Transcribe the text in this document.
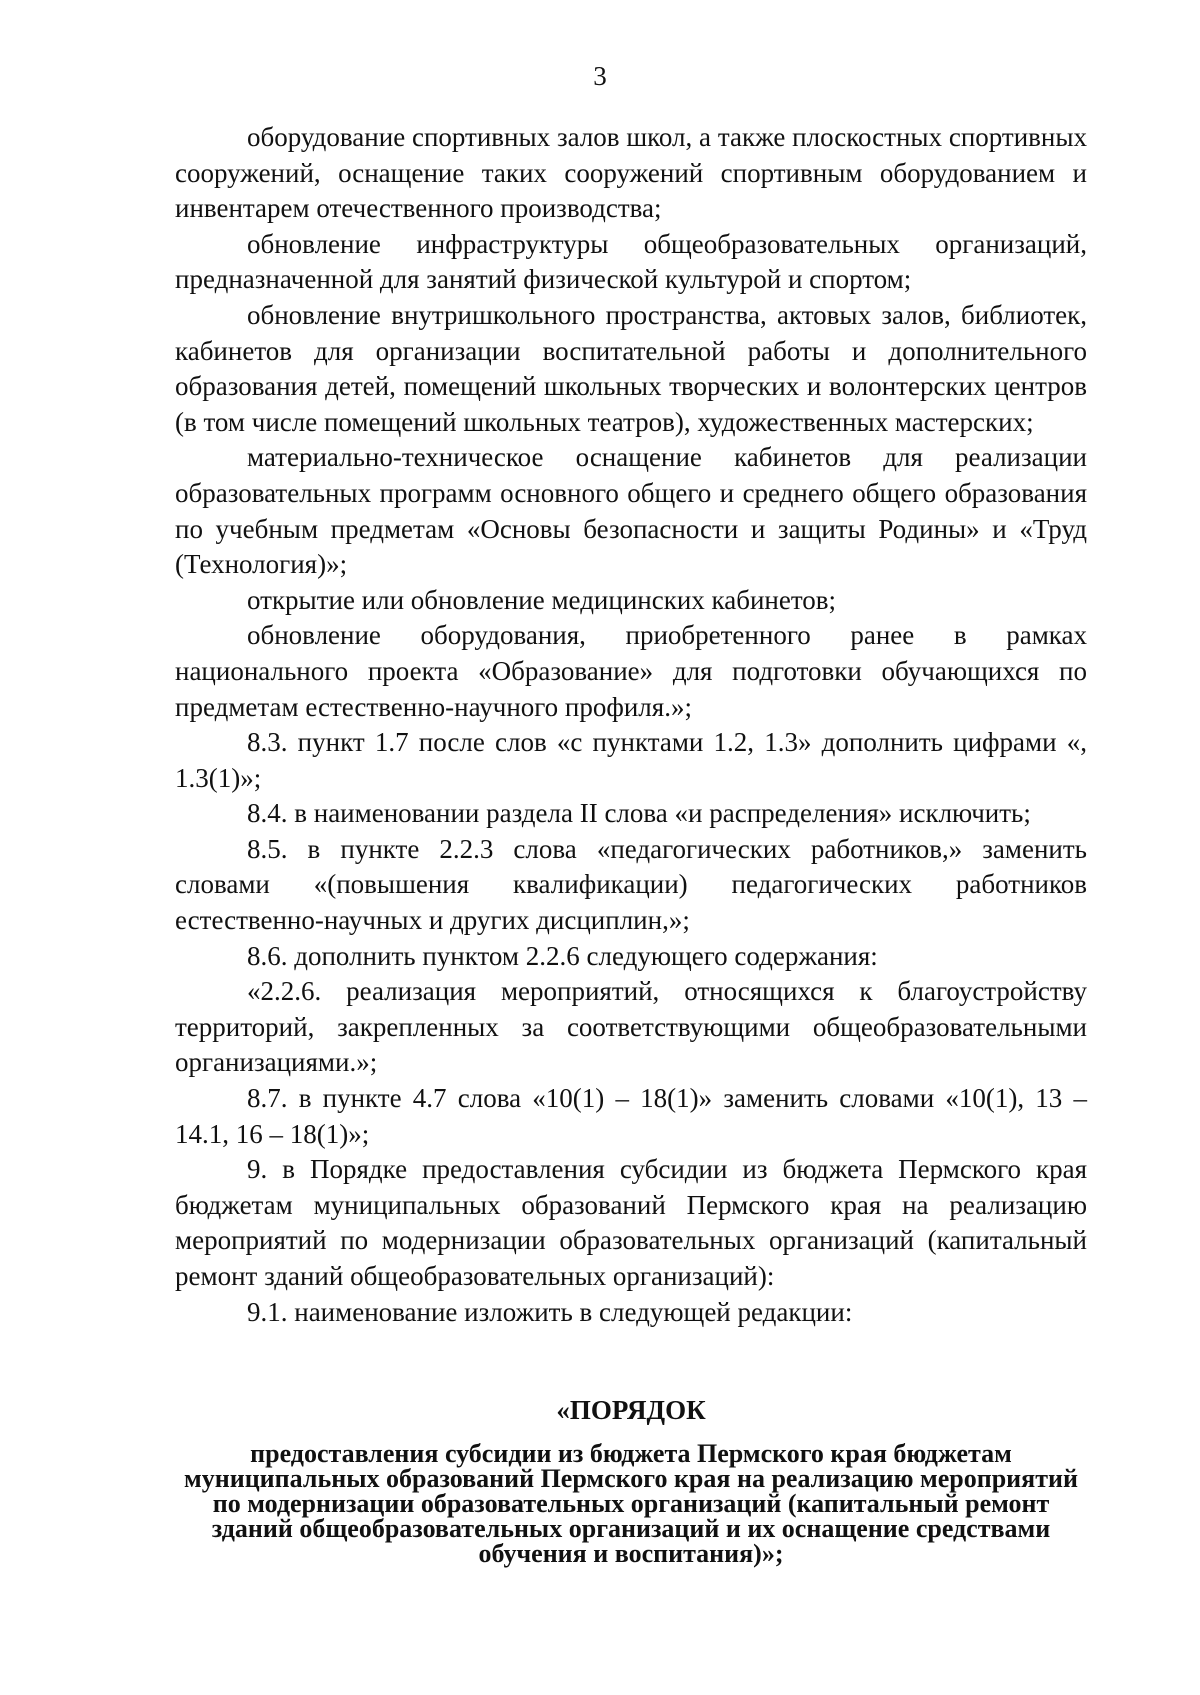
3

оборудование спортивных залов школ, а также плоскостных спортивных сооружений, оснащение таких сооружений спортивным оборудованием и инвентарем отечественного производства;

обновление инфраструктуры общеобразовательных организаций, предназначенной для занятий физической культурой и спортом;

обновление внутришкольного пространства, актовых залов, библиотек, кабинетов для организации воспитательной работы и дополнительного образования детей, помещений школьных творческих и волонтерских центров (в том числе помещений школьных театров), художественных мастерских;

материально-техническое оснащение кабинетов для реализации образовательных программ основного общего и среднего общего образования по учебным предметам «Основы безопасности и защиты Родины» и «Труд (Технология)»;

открытие или обновление медицинских кабинетов;

обновление оборудования, приобретенного ранее в рамках национального проекта «Образование» для подготовки обучающихся по предметам естественно-научного профиля.»;

8.3. пункт 1.7 после слов «с пунктами 1.2, 1.3» дополнить цифрами «, 1.3(1)»;

8.4. в наименовании раздела II слова «и распределения» исключить;

8.5. в пункте 2.2.3 слова «педагогических работников,» заменить словами «(повышения квалификации) педагогических работников естественно-научных и других дисциплин,»;

8.6. дополнить пунктом 2.2.6 следующего содержания:

«2.2.6. реализация мероприятий, относящихся к благоустройству территорий, закрепленных за соответствующими общеобразовательными организациями.»;

8.7. в пункте 4.7 слова «10(1) – 18(1)» заменить словами «10(1), 13 – 14.1, 16 – 18(1)»;

9. в Порядке предоставления субсидии из бюджета Пермского края бюджетам муниципальных образований Пермского края на реализацию мероприятий по модернизации образовательных организаций (капитальный ремонт зданий общеобразовательных организаций):

9.1. наименование изложить в следующей редакции:

«ПОРЯДОК
предоставления субсидии из бюджета Пермского края бюджетам муниципальных образований Пермского края на реализацию мероприятий по модернизации образовательных организаций (капитальный ремонт зданий общеобразовательных организаций и их оснащение средствами обучения и воспитания)»;
